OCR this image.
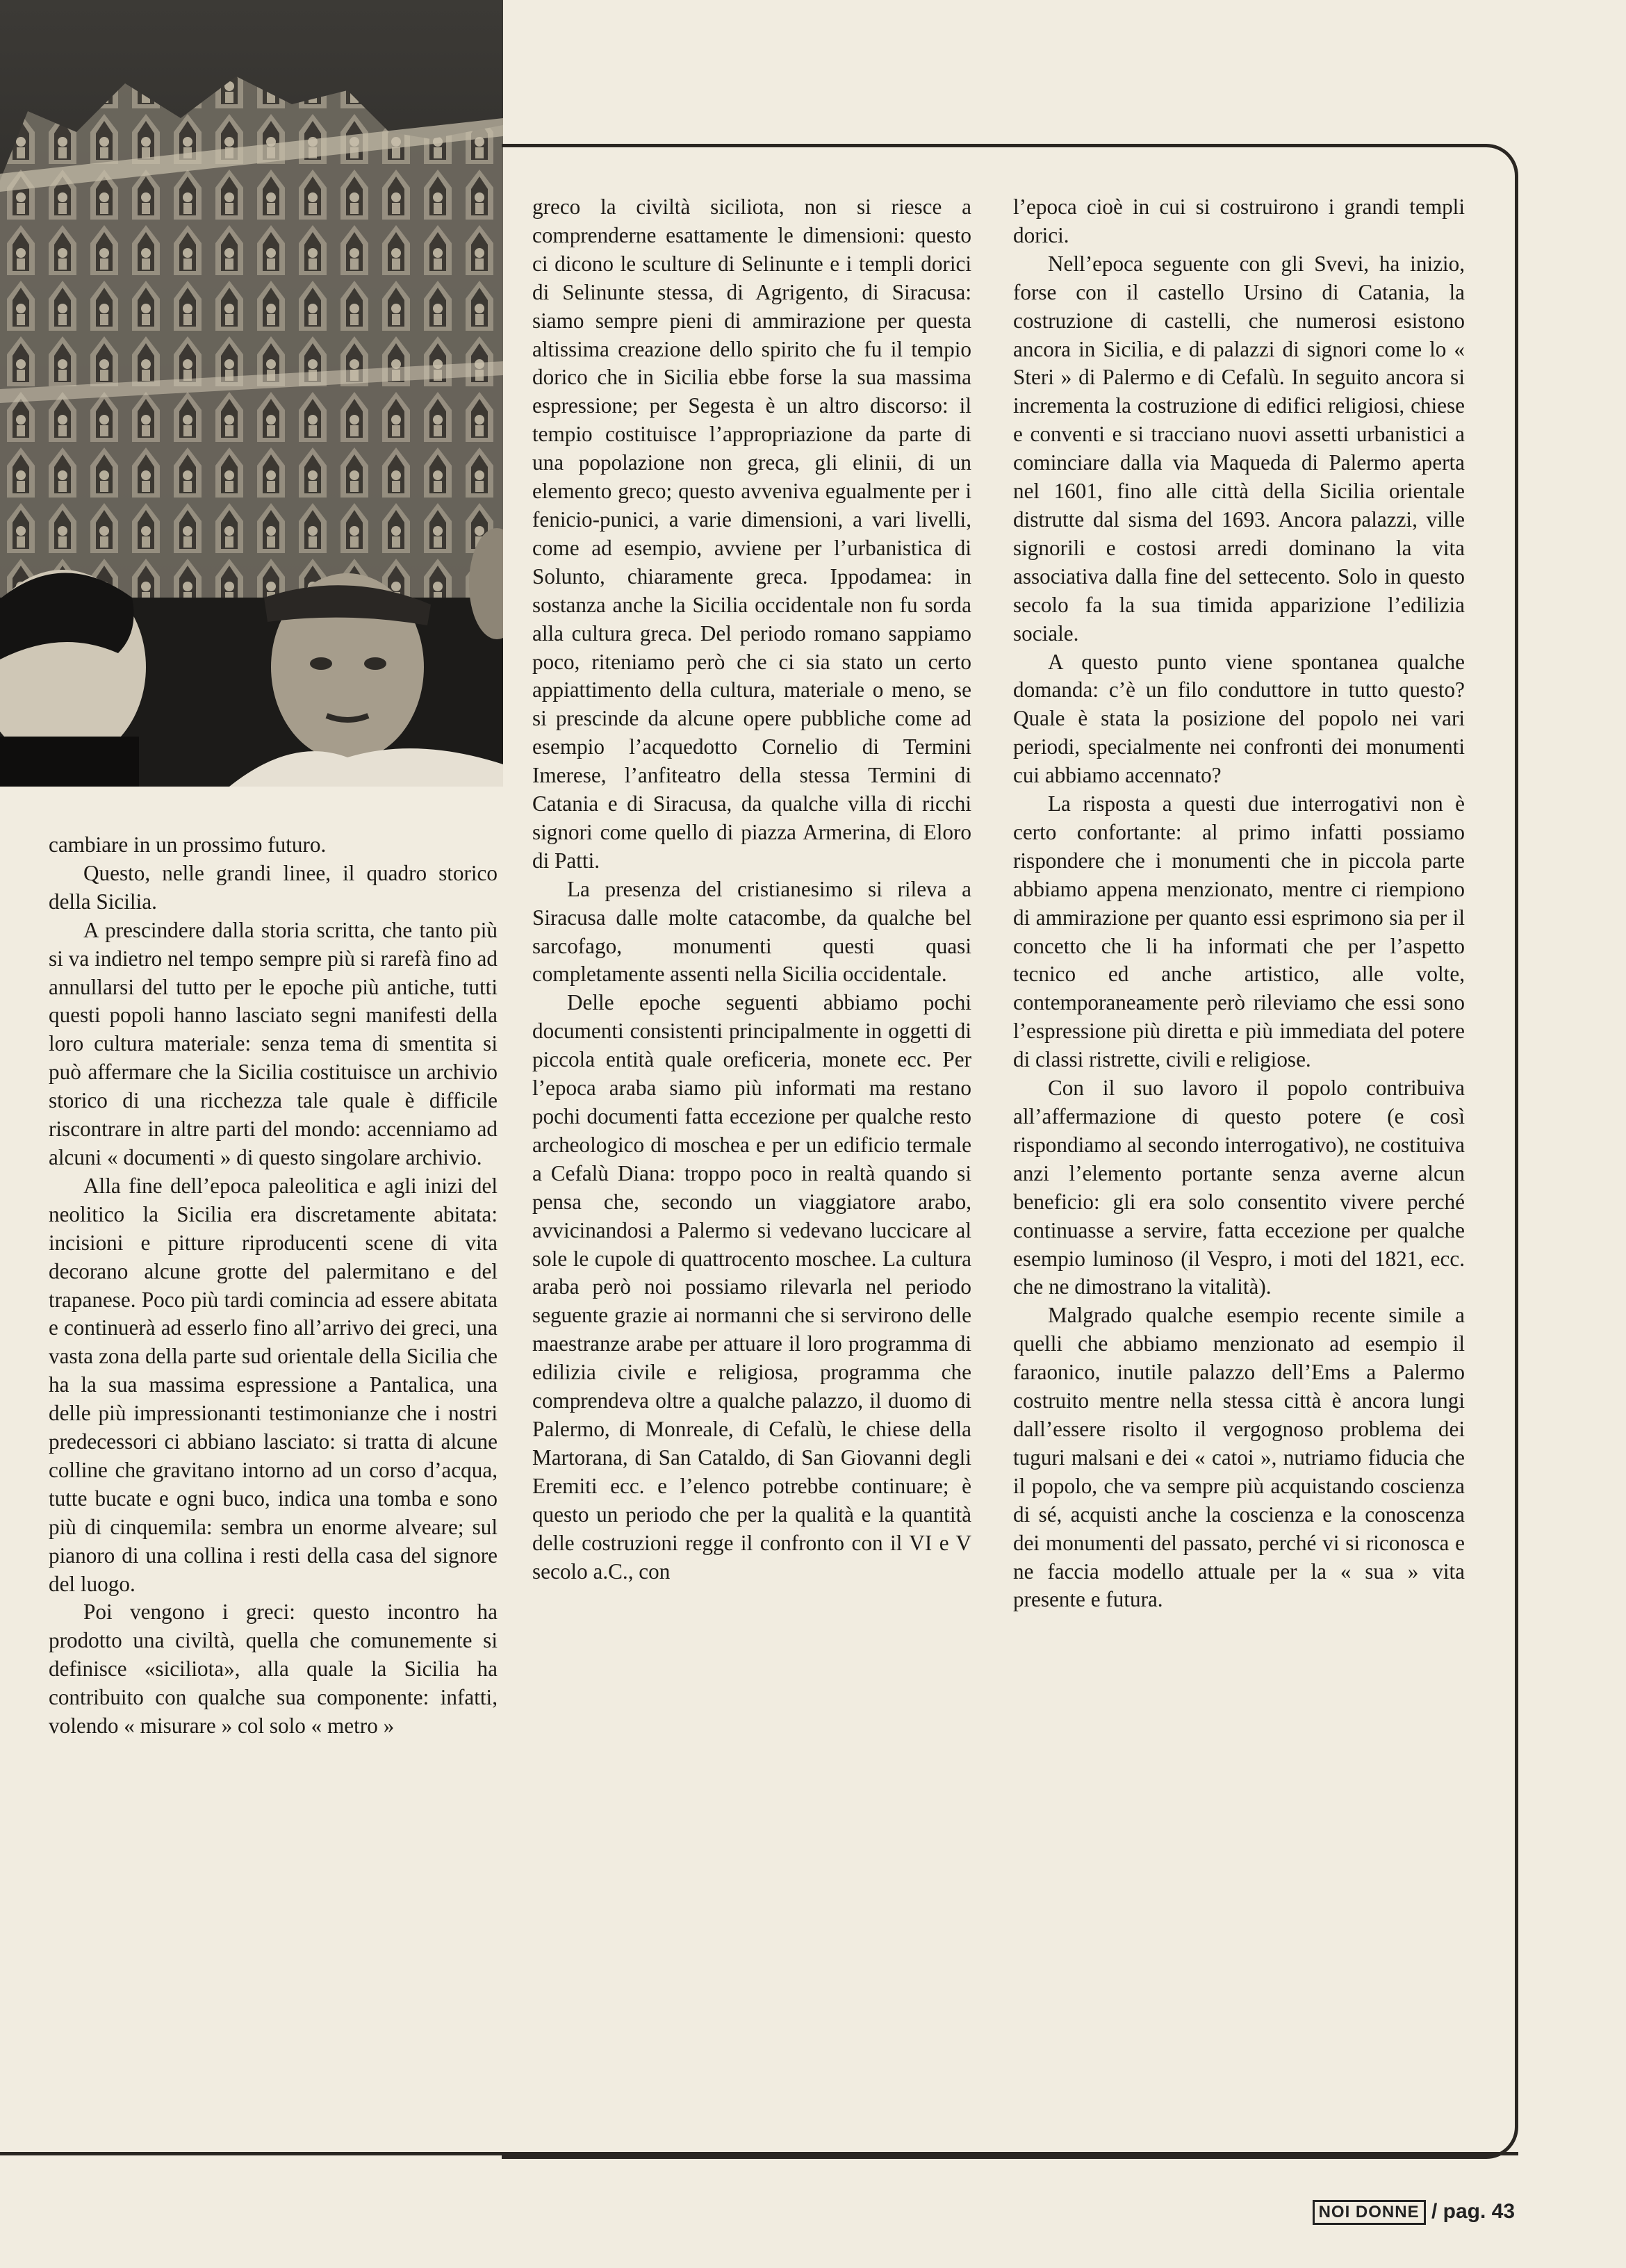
cambiare in un prossimo futuro.

Questo, nelle grandi linee, il quadro storico della Sicilia.

A prescindere dalla storia scritta, che tanto più si va indietro nel tempo sempre più si rarefà fino ad annullarsi del tutto per le epoche più antiche, tutti questi popoli hanno lasciato segni manifesti della loro cultura materiale: senza tema di smentita si può affermare che la Sicilia costituisce un archivio storico di una ricchezza tale quale è difficile riscontrare in altre parti del mondo: accenniamo ad alcuni « documenti » di questo singolare archivio.

Alla fine dell’epoca paleolitica e agli inizi del neolitico la Sicilia era discretamente abitata: incisioni e pitture riproducenti scene di vita decorano alcune grotte del palermitano e del trapanese. Poco più tardi comincia ad essere abitata e continuerà ad esserlo fino all’arrivo dei greci, una vasta zona della parte sud orientale della Sicilia che ha la sua massima espressione a Pantalica, una delle più impressionanti testimonianze che i nostri predecessori ci abbiano lasciato: si tratta di alcune colline che gravitano intorno ad un corso d’acqua, tutte bucate e ogni buco, indica una tomba e sono più di cinquemila: sembra un enorme alveare; sul pianoro di una collina i resti della casa del signore del luogo.

Poi vengono i greci: questo incontro ha prodotto una civiltà, quella che comunemente si definisce «siciliota», alla quale la Sicilia ha contribuito con qualche sua componente: infatti, volendo « misurare » col solo « metro »

greco la civiltà siciliota, non si riesce a comprenderne esattamente le dimensioni: questo ci dicono le sculture di Selinunte e i templi dorici di Selinunte stessa, di Agrigento, di Siracusa: siamo sempre pieni di ammirazione per questa altissima creazione dello spirito che fu il tempio dorico che in Sicilia ebbe forse la sua massima espressione; per Segesta è un altro discorso: il tempio costituisce l’appropriazione da parte di una popolazione non greca, gli elinii, di un elemento greco; questo avveniva egualmente per i fenicio-punici, a varie dimensioni, a vari livelli, come ad esempio, avviene per l’urbanistica di Solunto, chiaramente greca. Ippodamea: in sostanza anche la Sicilia occidentale non fu sorda alla cultura greca. Del periodo romano sappiamo poco, riteniamo però che ci sia stato un certo appiattimento della cultura, materiale o meno, se si prescinde da alcune opere pubbliche come ad esempio l’acquedotto Cornelio di Termini Imerese, l’anfiteatro della stessa Termini di Catania e di Siracusa, da qualche villa di ricchi signori come quello di piazza Armerina, di Eloro di Patti.

La presenza del cristianesimo si rileva a Siracusa dalle molte catacombe, da qualche bel sarcofago, monumenti questi quasi completamente assenti nella Sicilia occidentale.

Delle epoche seguenti abbiamo pochi documenti consistenti principalmente in oggetti di piccola entità quale oreficeria, monete ecc. Per l’epoca araba siamo più informati ma restano pochi documenti fatta eccezione per qualche resto archeologico di moschea e per un edificio termale a Cefalù Diana: troppo poco in realtà quando si pensa che, secondo un viaggiatore arabo, avvicinandosi a Palermo si vedevano luccicare al sole le cupole di quattrocento moschee. La cultura araba però noi possiamo rilevarla nel periodo seguente grazie ai normanni che si servirono delle maestranze arabe per attuare il loro programma di edilizia civile e religiosa, programma che comprendeva oltre a qualche palazzo, il duomo di Palermo, di Monreale, di Cefalù, le chiese della Martorana, di San Cataldo, di San Giovanni degli Eremiti ecc. e l’elenco potrebbe continuare; è questo un periodo che per la qualità e la quantità delle costruzioni regge il confronto con il VI e V secolo a.C., con

l’epoca cioè in cui si costruirono i grandi templi dorici.

Nell’epoca seguente con gli Svevi, ha inizio, forse con il castello Ursino di Catania, la costruzione di castelli, che numerosi esistono ancora in Sicilia, e di palazzi di signori come lo « Steri » di Palermo e di Cefalù. In seguito ancora si incrementa la costruzione di edifici religiosi, chiese e conventi e si tracciano nuovi assetti urbanistici a cominciare dalla via Maqueda di Palermo aperta nel 1601, fino alle città della Sicilia orientale distrutte dal sisma del 1693. Ancora palazzi, ville signorili e costosi arredi dominano la vita associativa dalla fine del settecento. Solo in questo secolo fa la sua timida apparizione l’edilizia sociale.

A questo punto viene spontanea qualche domanda: c’è un filo conduttore in tutto questo? Quale è stata la posizione del popolo nei vari periodi, specialmente nei confronti dei monumenti cui abbiamo accennato?

La risposta a questi due interrogativi non è certo confortante: al primo infatti possiamo rispondere che i monumenti che in piccola parte abbiamo appena menzionato, mentre ci riempiono di ammirazione per quanto essi esprimono sia per il concetto che li ha informati che per l’aspetto tecnico ed anche artistico, alle volte, contemporaneamente però rileviamo che essi sono l’espressione più diretta e più immediata del potere di classi ristrette, civili e religiose.

Con il suo lavoro il popolo contribuiva all’affermazione di questo potere (e così rispondiamo al secondo interrogativo), ne costituiva anzi l’elemento portante senza averne alcun beneficio: gli era solo consentito vivere perché continuasse a servire, fatta eccezione per qualche esempio luminoso (il Vespro, i moti del 1821, ecc. che ne dimostrano la vitalità).

Malgrado qualche esempio recente simile a quelli che abbiamo menzionato ad esempio il faraonico, inutile palazzo dell’Ems a Palermo costruito mentre nella stessa città è ancora lungi dall’essere risolto il vergognoso problema dei tuguri malsani e dei « catoi », nutriamo fiducia che il popolo, che va sempre più acquistando coscienza di sé, acquisti anche la coscienza e la conoscenza dei monumenti del passato, perché vi si riconosca e ne faccia modello attuale per la « sua » vita presente e futura.

NOI DONNE / pag. 43
